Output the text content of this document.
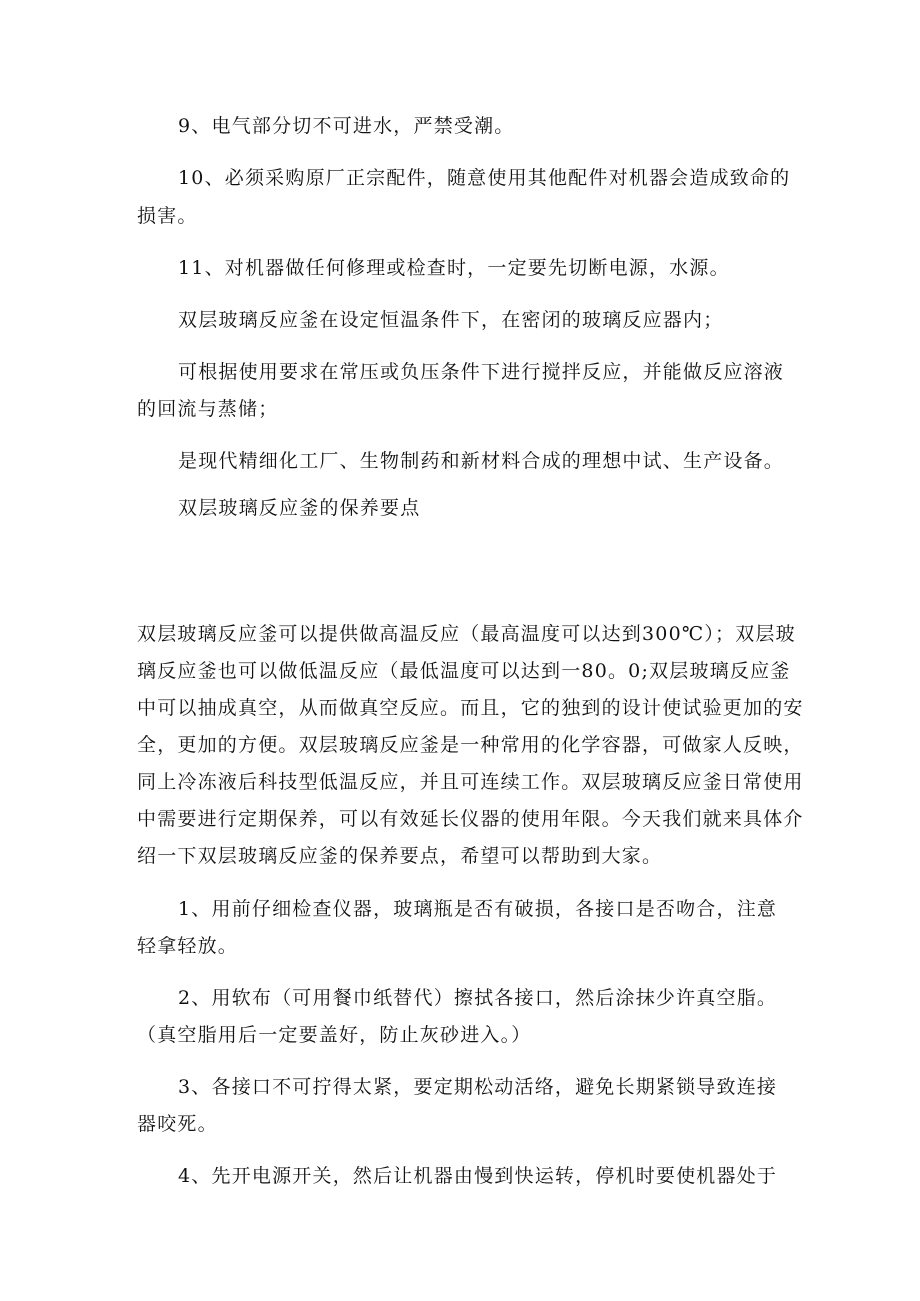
9、电气部分切不可进水，严禁受潮。
10、必须采购原厂正宗配件，随意使用其他配件对机器会造成致命的
损害。
11、对机器做任何修理或检查时，一定要先切断电源，水源。
双层玻璃反应釜在设定恒温条件下，在密闭的玻璃反应器内；
可根据使用要求在常压或负压条件下进行搅拌反应，并能做反应溶液
的回流与蒸储；
是现代精细化工厂、生物制药和新材料合成的理想中试、生产设备。
双层玻璃反应釜的保养要点
双层玻璃反应釜可以提供做高温反应（最高温度可以达到300℃）；双层玻
璃反应釜也可以做低温反应（最低温度可以达到一80。0;双层玻璃反应釜
中可以抽成真空，从而做真空反应。而且，它的独到的设计使试验更加的安
全，更加的方便。双层玻璃反应釜是一种常用的化学容器，可做家人反映，
同上冷冻液后科技型低温反应，并且可连续工作。双层玻璃反应釜日常使用
中需要进行定期保养，可以有效延长仪器的使用年限。今天我们就来具体介
绍一下双层玻璃反应釜的保养要点，希望可以帮助到大家。
1、用前仔细检查仪器，玻璃瓶是否有破损，各接口是否吻合，注意
轻拿轻放。
2、用软布（可用餐巾纸替代）擦拭各接口，然后涂抹少许真空脂。
（真空脂用后一定要盖好，防止灰砂进入。）
3、各接口不可拧得太紧，要定期松动活络，避免长期紧锁导致连接
器咬死。
4、先开电源开关，然后让机器由慢到快运转，停机时要使机器处于
